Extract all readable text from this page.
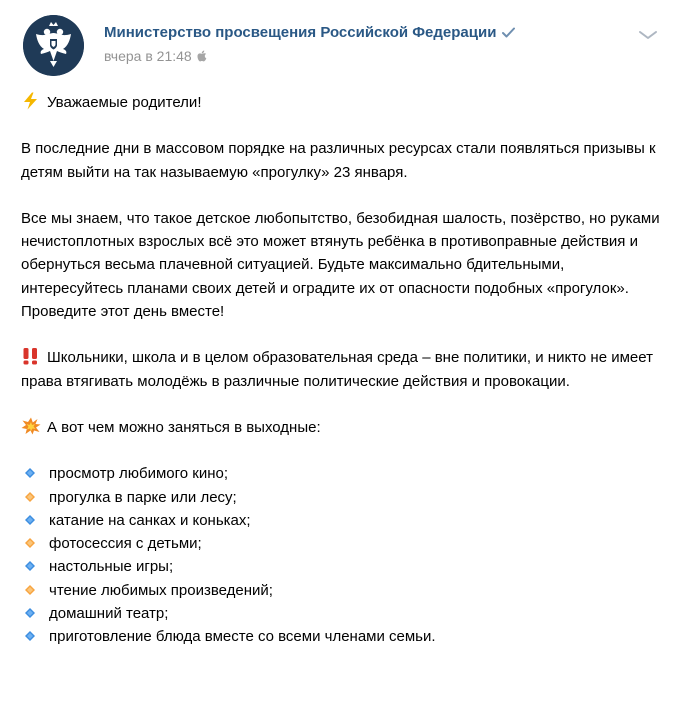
Министерство просвещения Российской Федерации
вчера в 21:48

Уважаемые родители!

В последние дни в массовом порядке на различных ресурсах стали появляться призывы к детям выйти на так называемую «прогулку» 23 января.

Все мы знаем, что такое детское любопытство, безобидная шалость, позёрство, но руками нечистоплотных взрослых всё это может втянуть ребёнка в противоправные действия и обернуться весьма плачевной ситуацией. Будьте максимально бдительными, интересуйтесь планами своих детей и оградите их от опасности подобных «прогулок». Проведите этот день вместе!

Школьники, школа и в целом образовательная среда – вне политики, и никто не имеет права втягивать молодёжь в различные политические действия и провокации.

А вот чем можно заняться в выходные:

просмотр любимого кино;
прогулка в парке или лесу;
катание на санках и коньках;
фотосессия с детьми;
настольные игры;
чтение любимых произведений;
домашний театр;
приготовление блюда вместе со всеми членами семьи.
